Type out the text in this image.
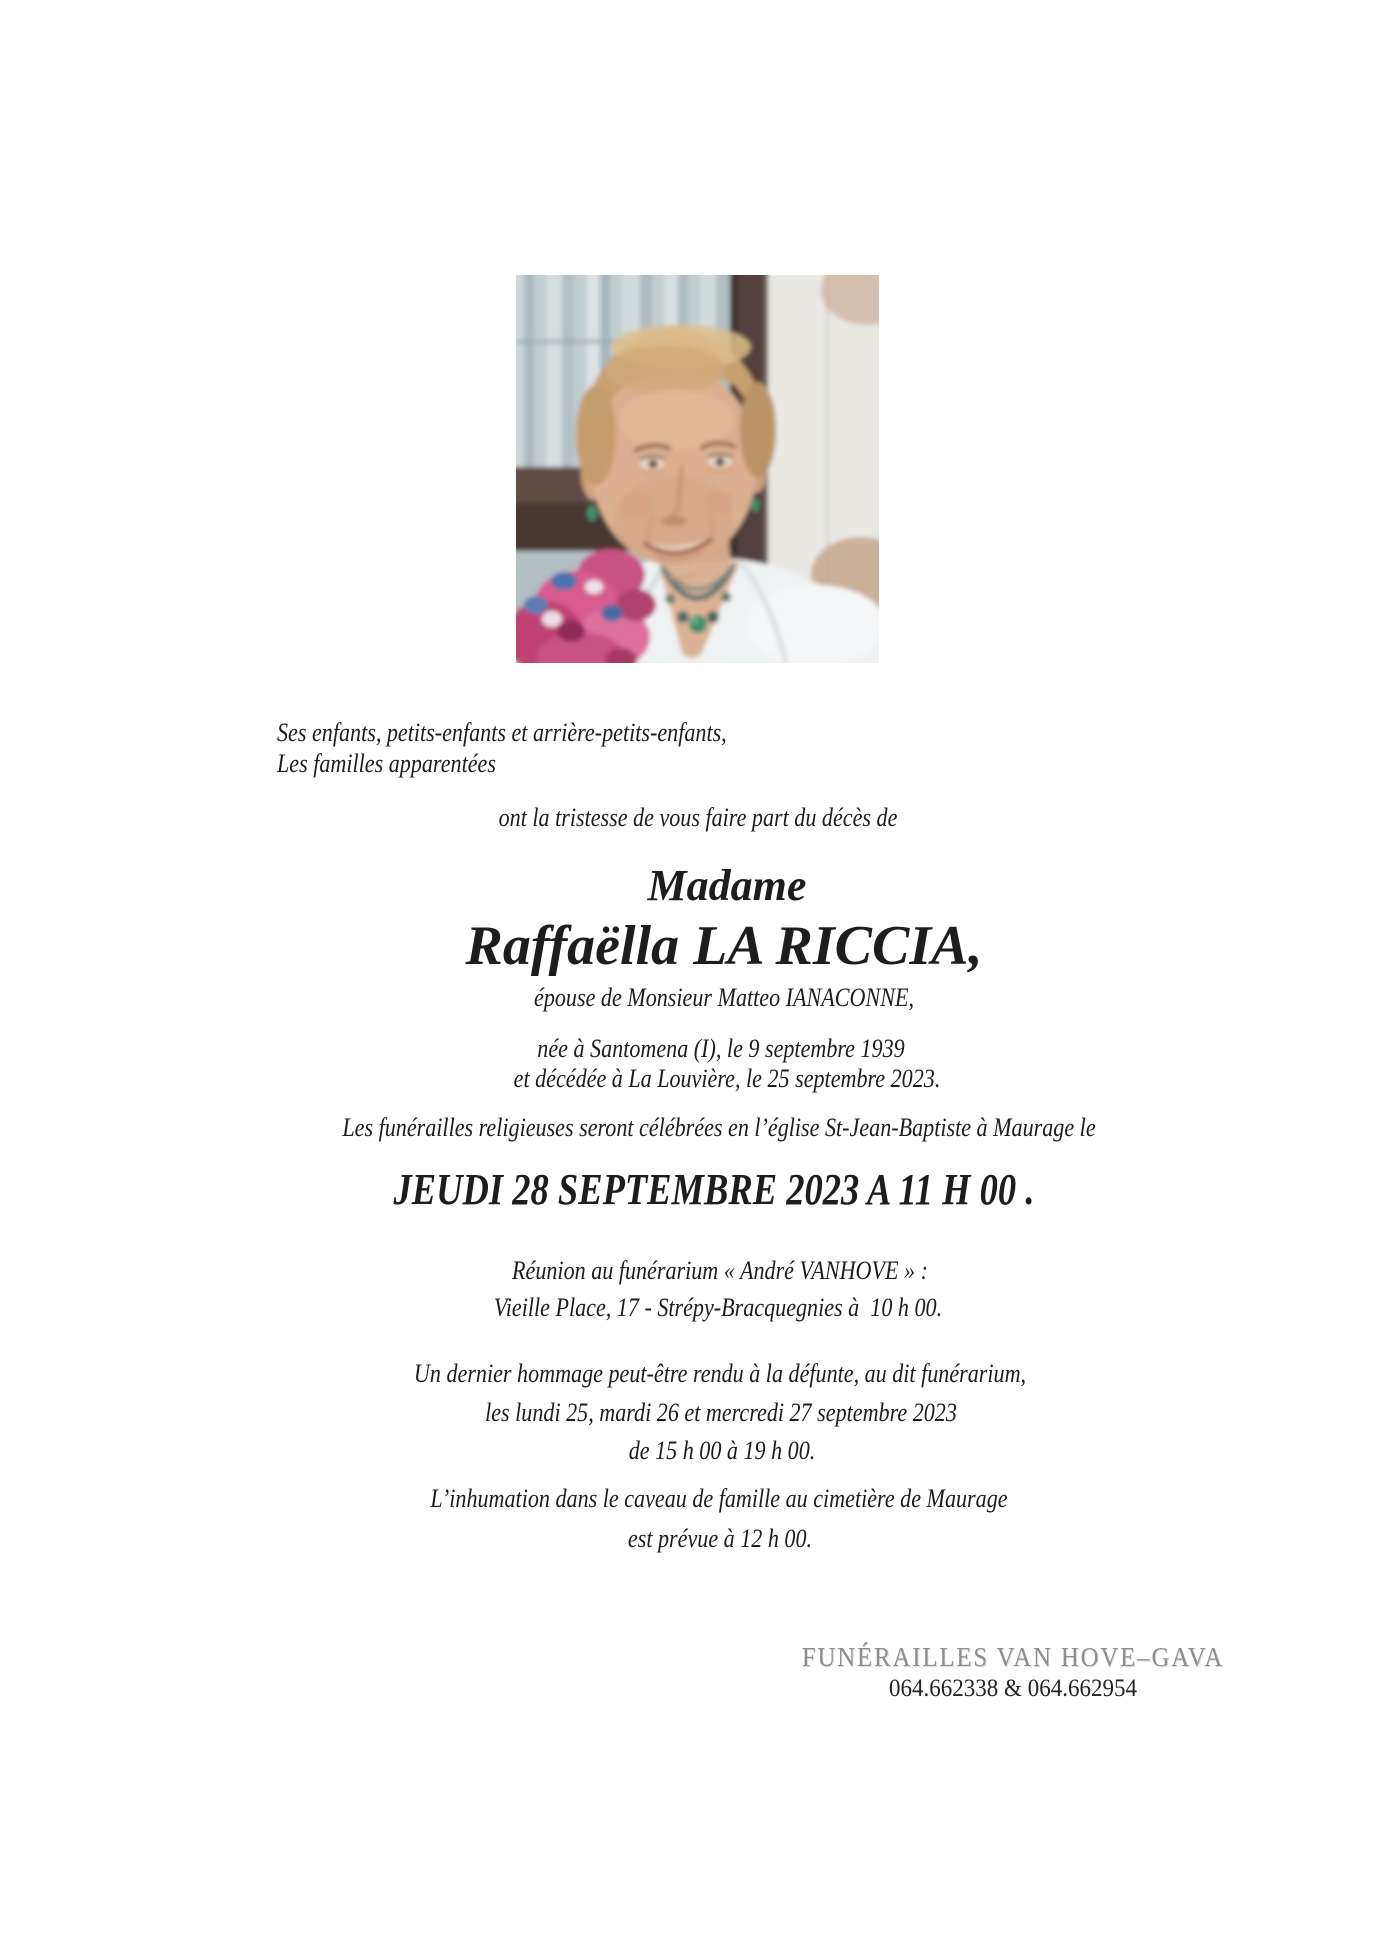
Ses enfants, petits-enfants et arrière-petits-enfants,
Les familles apparentées
ont la tristesse de vous faire part du décès de
Madame
Raffaëlla LA RICCIA,
épouse de Monsieur Matteo IANACONNE,
née à Santomena (I), le 9 septembre 1939
et décédée à La Louvière, le 25 septembre 2023.
Les funérailles religieuses seront célébrées en l’église St-Jean-Baptiste à Maurage le
JEUDI 28 SEPTEMBRE 2023 A 11 H 00 .
Réunion au funérarium « André VANHOVE » :
Vieille Place, 17 - Strépy-Bracquegnies à  10 h 00.
Un dernier hommage peut-être rendu à la défunte, au dit funérarium,
les lundi 25, mardi 26 et mercredi 27 septembre 2023
de 15 h 00 à 19 h 00.
L’inhumation dans le caveau de famille au cimetière de Maurage
est prévue à 12 h 00.
FUNÉRAILLES VAN HOVE–GAVA
064.662338 & 064.662954
